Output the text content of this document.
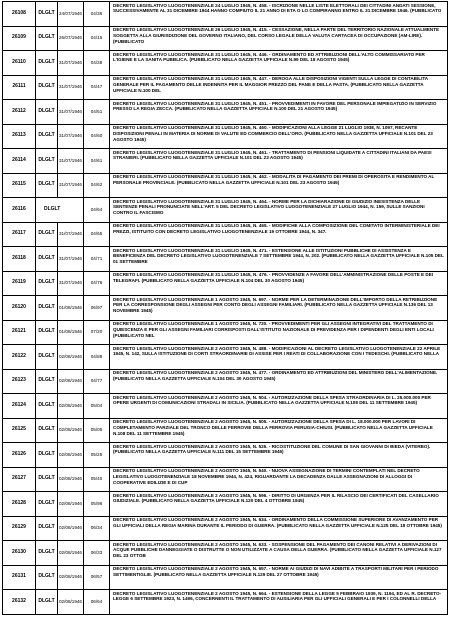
26108	DLGLT 24/07/1946	04/36
DECRETO LEGISLATIVO LUOGOTENENZIALE 24 LUGLIO 1945, N. 458. - ISCRIZIONE NELLE LISTE ELETTORALI DEI CITTADINI ANDATI SESSIONE, SUCCESSIVAMENTE AL 31 DICEMBRE 1944 HANNO COMPIUTO IL 21 ANNO DI ETA O LO COMPIRANNO ENTRO IL 31 DICEMBRE 1946. (PUBBLICATO
26109	DLGLT 26/07/1946	04/15
DECRETO LEGISLATIVO LUOGOTENENZIALE 26 LUGLIO 1945, N. 415. - CESSAZIONE, NELLA PARTE DEL TERRITORIO NAZIONALE ATTUALMENTE SOGGETTA ALLA GIURISDIZIONE DEL GOVERNO ITALIANO, DEL CORSO LEGALE DELLA VALUTA CARTACEA DI OCCUPAZIONE (AM-LIRE). (PUBBLICATO
26110	DLGLT 31/07/1946	04/38
DECRETO LEGISLATIVO LUOGOTENENZIALE 31 LUGLIO 1945, N. 446. - ORDINAMENTO ED ATTRIBUZIONI DELL'ALTO COMMISSARIATO PER L'IGIENE E LA SANITA PUBBLICA. (PUBBLICATO NELLA GAZZETTA UFFICIALE N.99 DEL 18 AGOSTO 1945)
26111	DLGLT 31/07/1946	04/47
DECRETO LEGISLATIVO LUOGOTENENZIALE 31 LUGLIO 1945, N. 447. - DEROGA ALLE DISPOSIZIONI VIGENTI SULLA LEGGE DI CONTABILITA GENERALE PER IL PAGAMENTO DELLE INDENNITA PER IL MAGGIOR PREZZO DEL PANE E DELLA PASTA. (PUBBLICATO NELLA GAZZETTA UFFICIALE N.100 DEL
26112	DLGLT 31/07/1946	04/51
DECRETO LEGISLATIVO LUOGOTENENZIALE 31 LUGLIO 1945, N. 451. - PROVVEDIMENTI IN FAVORE DEL PERSONALE IMPIEGATIZIO IN SERVIZIO PRESSO LA REGIA ZECCA. (PUBBLICATO NELLA GAZZETTA UFFICIALE N.100 DEL 21 AGOSTO 1945)
26113	DLGLT 31/07/1946	04/60
DECRETO LEGISLATIVO LUOGOTENENZIALE 31 LUGLIO 1945, N. 460. - MODIFICAZIONI ALLA LEGGE 21 LUGLIO 1938, N. 1097, RECANTE DISPOSIZIONI PENALI IN MATERIA DI NORME DI VALUTE ED COMMERCIO DELL'ORO. (PUBBLICATO NELLA GAZZETTA UFFICIALE N.101 DEL 23 AGOSTO 1945)
26114	DLGLT 31/07/1946	04/61
DECRETO LEGISLATIVO LUOGOTENENZIALE 31 LUGLIO 1945, N. 461. - TRATTAMENTO DI PENSIONI LIQUIDATE A CITTADINI ITALIANI DA PAESI STRANIERI. (PUBBLICATO NELLA GAZZETTA UFFICIALE N.101 DEL 23 AGOSTO 1945)
26115	DLGLT 31/07/1946	04/62
DECRETO LEGISLATIVO LUOGOTENENZIALE 31 LUGLIO 1945, N. 462. - MODALITA DI PAGAMENTO DEI PREMI DI OPEROSITA E RENDIMENTO AL PERSONALE PROVINCIALE. (PUBBLICATO NELLA GAZZETTA UFFICIALE N.101 DEL 23 AGOSTO 1945)
26116	DLGLT	04/64
DECRETO LEGISLATIVO LUOGOTENENZIALE 31 LUGLIO 1945, N. 464. - NORME PER LA DICHIARAZIONE DI GIUDIZIO INESISTENZA DELLE SENTENZE PENALI PRONUNCIATE NELL'ART. 5 DEL DECRETO LEGISLATIVO LUOGOTENENZIALE 27 LUGLIO 1944, N. 159, SULLE SANZIONI CONTRO IL FASCISMO
26117	DLGLT 31/07/1946	04/65
DECRETO LEGISLATIVO LUOGOTENENZIALE 31 LUGLIO 1945, N. 465. - MODIFICHE ALLA COMPOSIZIONE DEL COMITATO INTERMINISTERIALE DEI PREZZI, ISTITUITO CON DECRETO LEGISLATIVO LUOGOTENENZIALE 19 OTTOBRE 1944, N. 347.
26118	DLGLT 31/07/1946	04/71
DECRETO LEGISLATIVO LUOGOTENENZIALE 31 LUGLIO 1945, N. 471. - ESTENSIONE ALLE ISTITUZIONI PUBBLICHE DI ASSISTENZA E BENEFICENZA DEL DECRETO LEGISLATIVO LUOGOTENENZIALE 7 SETTEMBRE 1944, N. 202. (PUBBLICATO NELLA GAZZETTA UFFICIALE N.105 DEL 01 SETTEMBRE
26119	DLGLT 31/07/1946	04/76
DECRETO LEGISLATIVO LUOGOTENENZIALE 31 LUGLIO 1945, N. 476. - PROVVIDENZE A FAVORE DELL'AMMINISTRAZIONE DELLE POSTE E DEI TELEGRAFI. (PUBBLICATO NELLA GAZZETTA UFFICIALE N.104 DEL 30 AGOSTO 1945)
26120	DLGLT 01/08/1946	06/97
DECRETO LEGISLATIVO LUOGOTENENZIALE 1 AGOSTO 1945, N. 697. - NORME PER LA DETERMINAZIONE DELL'IMPORTO DELLA RETRIBUZIONE PER LA CORRESPONSIONE DEGLI ASSEGNI PER CONTO DEGLI ASSEGNI FAMILIARI. (PUBBLICATO NELLA GAZZETTA UFFICIALE N.136 DEL 13 NOVEMBRE 1945)
26121	DLGLT 01/08/1946	07/20
DECRETO LEGISLATIVO LUOGOTENENZIALE 1 AGOSTO 1945, N. 720. - PROVVEDIMENTI PER GLI ASSEGNI INTEGRATIVI DEL TRATTAMENTO DI QUIESCENZA E PER GLI ASSEGNI FAMILIARI CORRISPOSTI DALL'ISTITUTO NAZIONALE DI PREVIDENZA PER I DIPENDENTI DEGLI ENTI LOCALI (PUBBLICATO NEL
26122	DLGLT 02/08/1946	04/88
DECRETO LEGISLATIVO LUOGOTENENZIALE 2 AGOSTO 1945, N. 488. - MODIFICAZIONI AL DECRETO LEGISLATIVO LUOGOTENENZIALE 22 APRILE 1945, N. 142, SULLA ISTITUZIONE DI CORTI STRAORDINARIE DI ASSISE PER I REATI DI COLLABORAZIONE CON I TEDESCHI. (PUBBLICATO NELLA
26123	DLGLT 02/08/1946	04/77
DECRETO LEGISLATIVO LUOGOTENENZIALE 2 AGOSTO 1945, N. 477. - ORDINAMENTO ED ATTRIBUZIONI DEL MINISTERO DELL'ALIMENTAZIONE. (PUBBLICATO NELLA GAZZETTA UFFICIALE N.104 DEL 30 AGOSTO 1945)
26124	DLGLT 02/08/1946	05/04
DECRETO LEGISLATIVO LUOGOTENENZIALE 2 AGOSTO 1945, N. 504. - AUTORIZZAZIONE DELLA SPESA STRAORDINARIA DI L. 25.000.000 PER OPERE URGENTI DI COMUNICAZIONI STRADALI IN SICILIA. (PUBBLICATO NELLA GAZZETTA UFFICIALE N.108 DEL 11 SETTEMBRE 1945)
26125	DLGLT 02/08/1946	05/05
DECRETO LEGISLATIVO LUOGOTENENZIALE 2 AGOSTO 1945, N. 505. - AUTORIZZAZIONE DELLA SPESA DI L. 18.000.000 PER LAVORI DI COMPLETAMENTO PARZIALE DEL TRONCO DELLE FERROVIE DELLA FERROVIA PERUGIA-CHIUSI. (PUBBLICATO NELLA GAZZETTA UFFICIALE N.108 DEL 11 SETTEMBRE 1945)
26126	DLGLT 02/08/1946	05/25
DECRETO LEGISLATIVO LUOGOTENENZIALE 2 AGOSTO 1945, N. 525. - RICOSTITUZIONE DEL COMUNE DI SAN GIOVANNI DI BIEDA (VITERBO). (PUBBLICATO NELLA GAZZETTA UFFICIALE N.111 DEL 15 SETTEMBRE 1945)
26127	DLGLT 02/08/1946	05/40
DECRETO LEGISLATIVO LUOGOTENENZIALE 2 AGOSTO 1945, N. 540. - NUOVA ASSEGNAZIONE DI TERMINI CONTEMPLATI NEL DECRETO LEGISLATIVO LUOGOTENENZIALE 18 NOVEMBRE 1944, N. 424, RIGUARDANTE LA DECADENZA DALLE ASSEGNAZIONI DI ALLOGGI DI COOPERATIVE EDILIZIE E DI CUP
26128	DLGLT 02/08/1946	05/96
DECRETO LEGISLATIVO LUOGOTENENZIALE 2 AGOSTO 1945, N. 596. - DIRITTO DI URGENZA PER IL RILASCIO DEI CERTIFICATI DEL CASELLARIO GIUDIZIALE. (PUBBLICATO NELLA GAZZETTA UFFICIALE N.120 DEL 4 OTTOBRE 1945)
26129	DLGLT 02/08/1946	06/34
DECRETO LEGISLATIVO LUOGOTENENZIALE 2 AGOSTO 1945, N. 634. - ORDINAMENTO DELLA COMMISSIONE SUPERIORE DI AVANZAMENTO PER GLI UFFICIALI DELLA REGIA MARINA DURANTE IL PERIODO DI GUERRA. (PUBBLICATO NELLA GAZZETTA UFFICIALE N.125 DEL 18 OTTOBRE 1945)
26130	DLGLT 02/08/1946	06/33
DECRETO LEGISLATIVO LUOGOTENENZIALE 2 AGOSTO 1945, N. 633. - SOSPENSIONE DEL PAGAMENTO DEI CANONI RELATIVI A DERIVAZIONI DI ACQUE PUBBLICHE DANNEGGIATE O DISTRUTTE O NON UTILIZZATE A CAUSA DELLA GUERRA. (PUBBLICATO NELLA GAZZETTA UFFICIALE N.127 DEL 23 OTTOB
26131	DLGLT 02/08/1946	06/57
DECRETO LEGISLATIVO LUOGOTENENZIALE 2 AGOSTO 1945, N. 657. - NORME AI GIUDIZI DI NAVI ADIBITE A TRASPORTI MILITARI PER I PERIODO SETTIMENTIGLIE. (PUBBLICATO NELLA GAZZETTA UFFICIALE N.129 DEL 27 OTTOBRE 1945)
26132	DLGLT 02/08/1946	06/64
DECRETO LEGISLATIVO LUOGOTENENZIALE 2 AGOSTO 1945, N. 664. - ESTENSIONE DELLA LEGGE 5 FEBBRAIO 1939, N. 1194, ED AL R. DECRETO-LEGGE 6 SETTEMBRE 1923, N. 1496, CONCERNENTI IL TRATTAMENTO DI AUSILIARIA PER GLI UFFICIALI GENERALI E PER I COLONNELLI DELLA
